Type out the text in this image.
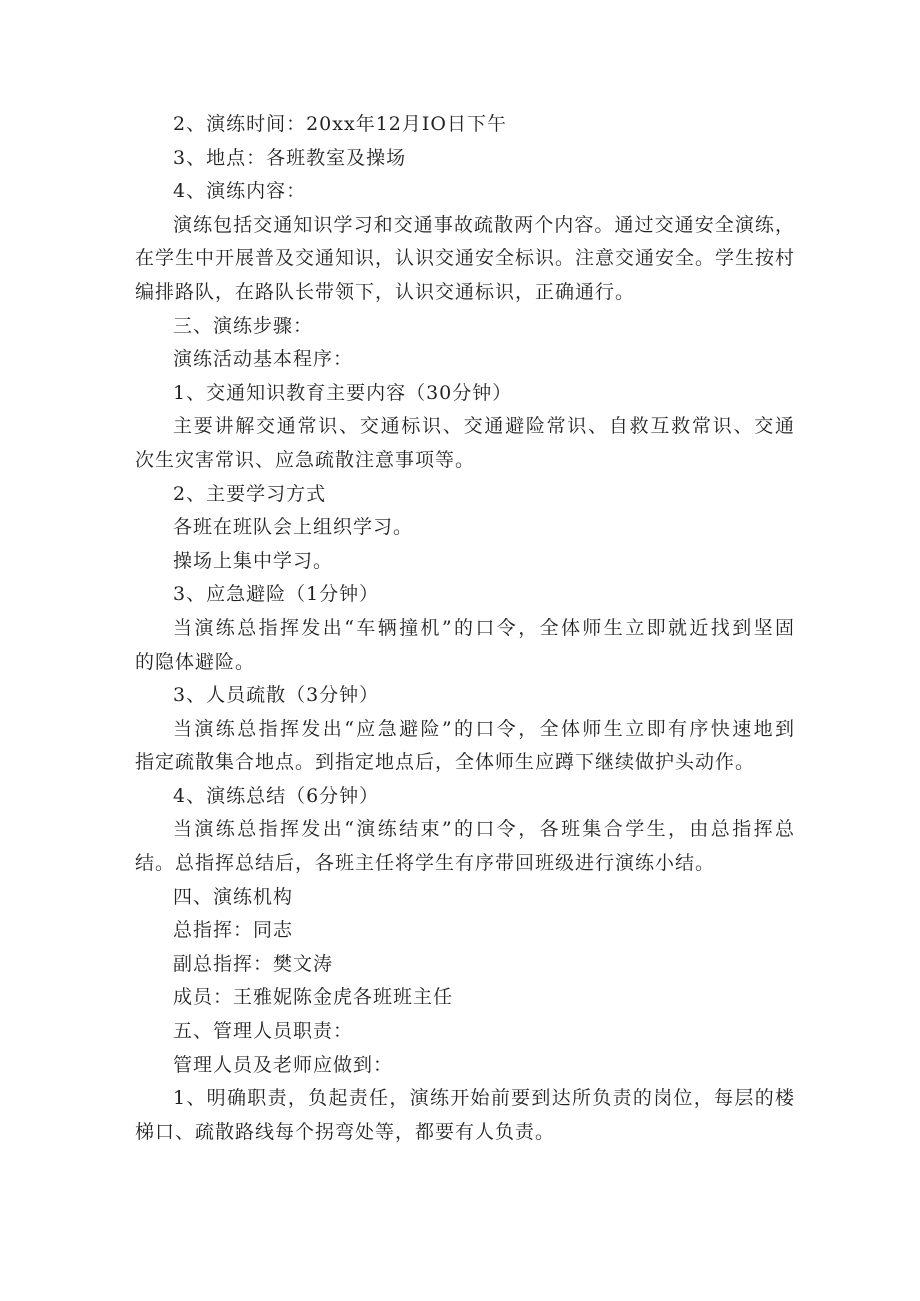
2、演练时间：20xx年12月IO日下午
3、地点：各班教室及操场
4、演练内容：
演练包括交通知识学习和交通事故疏散两个内容。通过交通安全演练，
在学生中开展普及交通知识，认识交通安全标识。注意交通安全。学生按村
编排路队，在路队长带领下，认识交通标识，正确通行。
三、演练步骤：
演练活动基本程序：
1、交通知识教育主要内容（30分钟）
主要讲解交通常识、交通标识、交通避险常识、自救互救常识、交通
次生灾害常识、应急疏散注意事项等。
2、主要学习方式
各班在班队会上组织学习。
操场上集中学习。
3、应急避险（1分钟）
当演练总指挥发出“车辆撞机”的口令，全体师生立即就近找到坚固
的隐体避险。
3、人员疏散（3分钟）
当演练总指挥发出“应急避险”的口令，全体师生立即有序快速地到
指定疏散集合地点。到指定地点后，全体师生应蹲下继续做护头动作。
4、演练总结（6分钟）
当演练总指挥发出“演练结束”的口令，各班集合学生，由总指挥总
结。总指挥总结后，各班主任将学生有序带回班级进行演练小结。
四、演练机构
总指挥：同志
副总指挥：樊文涛
成员：王雅妮陈金虎各班班主任
五、管理人员职责：
管理人员及老师应做到：
1、明确职责，负起责任，演练开始前要到达所负责的岗位，每层的楼
梯口、疏散路线每个拐弯处等，都要有人负责。
